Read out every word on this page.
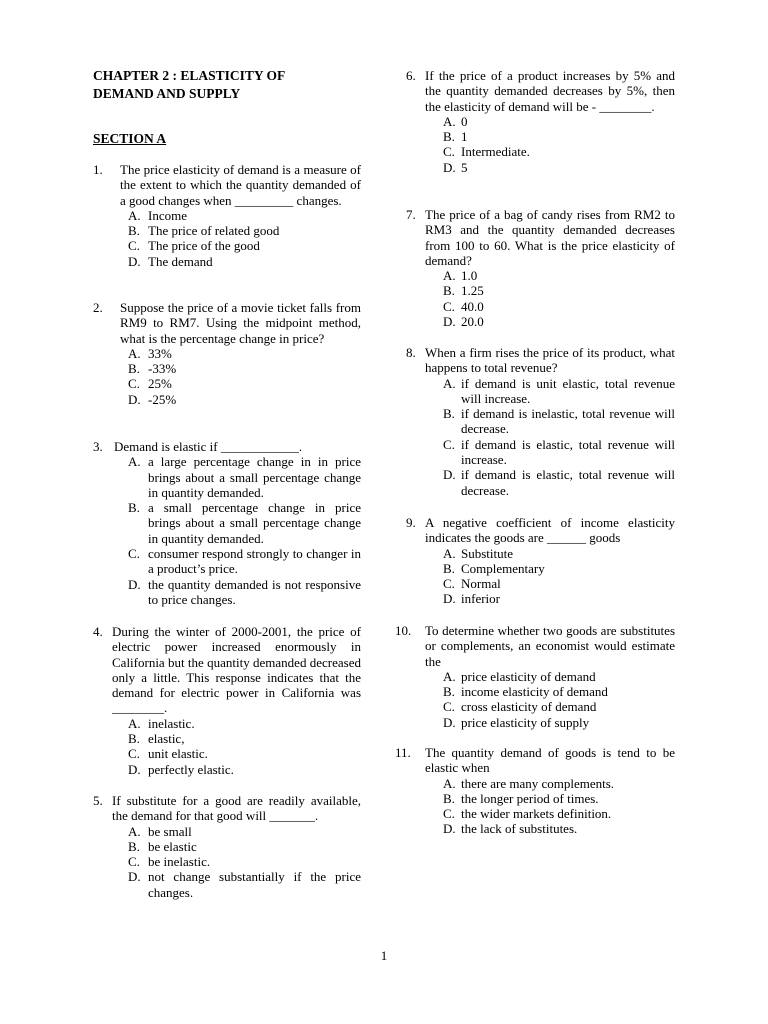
CHAPTER 2 : ELASTICITY OF
DEMAND AND SUPPLY
SECTION A
1. The price elasticity of demand is a measure of the extent to which the quantity demanded of a good changes when _________ changes.
A. Income
B. The price of related good
C. The price of the good
D. The demand
2. Suppose the price of a movie ticket falls from RM9 to RM7. Using the midpoint method, what is the percentage change in price?
A. 33%
B. -33%
C. 25%
D. -25%
3. Demand is elastic if ____________.
A. a large percentage change in in price brings about a small percentage change in quantity demanded.
B. a small percentage change in price brings about a small percentage change in quantity demanded.
C. consumer respond strongly to changer in a product’s price.
D. the quantity demanded is not responsive to price changes.
4. During the winter of 2000-2001, the price of electric power increased enormously in California but the quantity demanded decreased only a little. This response indicates that the demand for electric power in California was ________.
A. inelastic.
B. elastic,
C. unit elastic.
D. perfectly elastic.
5. If substitute for a good are readily available, the demand for that good will _______.
A. be small
B. be elastic
C. be inelastic.
D. not change substantially if the price changes.
6. If the price of a product increases by 5% and the quantity demanded decreases by 5%, then the elasticity of demand will be - ________.
A. 0
B. 1
C. Intermediate.
D. 5
7. The price of a bag of candy rises from RM2 to RM3 and the quantity demanded decreases from 100 to 60. What is the price elasticity of demand?
A. 1.0
B. 1.25
C. 40.0
D. 20.0
8. When a firm rises the price of its product, what happens to total revenue?
A. if demand is unit elastic, total revenue will increase.
B. if demand is inelastic, total revenue will decrease.
C. if demand is elastic, total revenue will increase.
D. if demand is elastic, total revenue will decrease.
9. A negative coefficient of income elasticity indicates the goods are ______ goods
A. Substitute
B. Complementary
C. Normal
D. inferior
10. To determine whether two goods are substitutes or complements, an economist would estimate the
A. price elasticity of demand
B. income elasticity of demand
C. cross elasticity of demand
D. price elasticity of supply
11. The quantity demand of goods is tend to be elastic when
A. there are many complements.
B. the longer period of times.
C. the wider markets definition.
D. the lack of substitutes.
1
